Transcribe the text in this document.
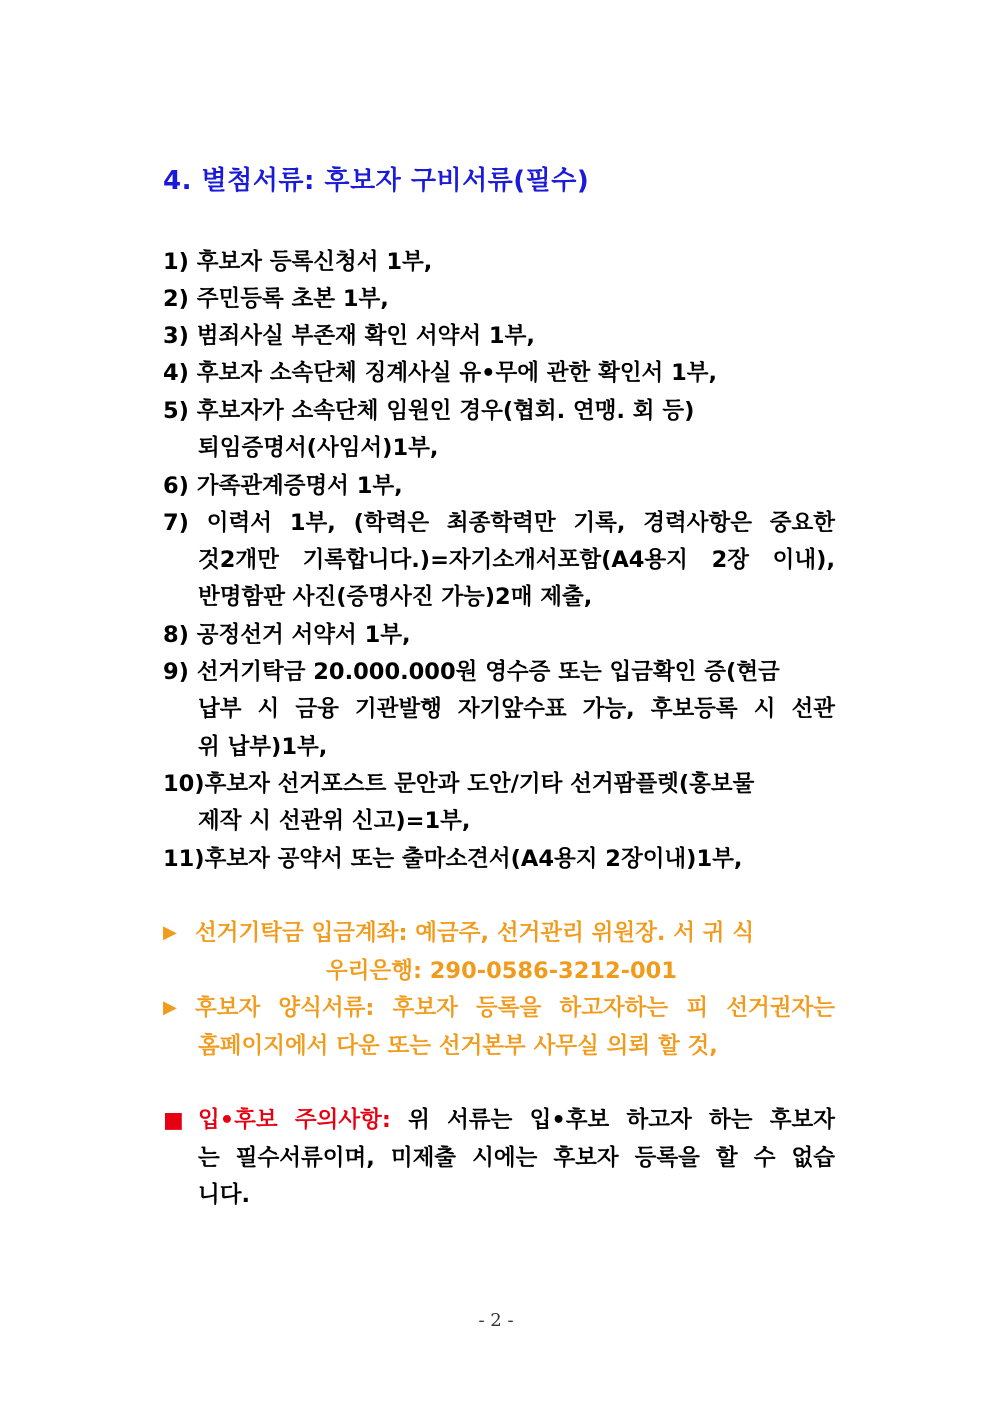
4. 별첨서류: 후보자 구비서류(필수)

1) 후보자 등록신청서 1부,

2) 주민등록 초본 1부,

3) 범죄사실 부존재 확인 서약서 1부,

4) 후보자 소속단체 징계사실 유•무에 관한 확인서 1부,

5) 후보자가 소속단체 임원인 경우(협회. 연맹. 회 등)

퇴임증명서(사임서)1부,

6) 가족관계증명서 1부,

7) 이력서 1부, (학력은 최종학력만 기록, 경력사항은 중요한

것2개만 기록합니다.)=자기소개서포함(A4용지 2장 이내),

반명함판 사진(증명사진 가능)2매 제출,

8) 공정선거 서약서 1부,

9) 선거기탁금 20.000.000원 영수증 또는 입금확인 증(현금

납부 시 금융 기관발행 자기앞수표 가능, 후보등록 시 선관

위 납부)1부,

10)후보자 선거포스트 문안과 도안/기타 선거팜플렛(홍보물

제작 시 선관위 신고)=1부,

11)후보자 공약서 또는 출마소견서(A4용지 2장이내)1부,

▶ 선거기탁금 입금계좌: 예금주, 선거관리 위원장. 서 귀 식

우리은행: 290-0586-3212-001

▶ 후보자 양식서류: 후보자 등록을 하고자하는 피 선거권자는

홈페이지에서 다운 또는 선거본부 사무실 의뢰 할 것,

■ 입•후보 주의사항: 위 서류는 입•후보 하고자 하는 후보자

는 필수서류이며, 미제출 시에는 후보자 등록을 할 수 없습

니다.

- 2 -
